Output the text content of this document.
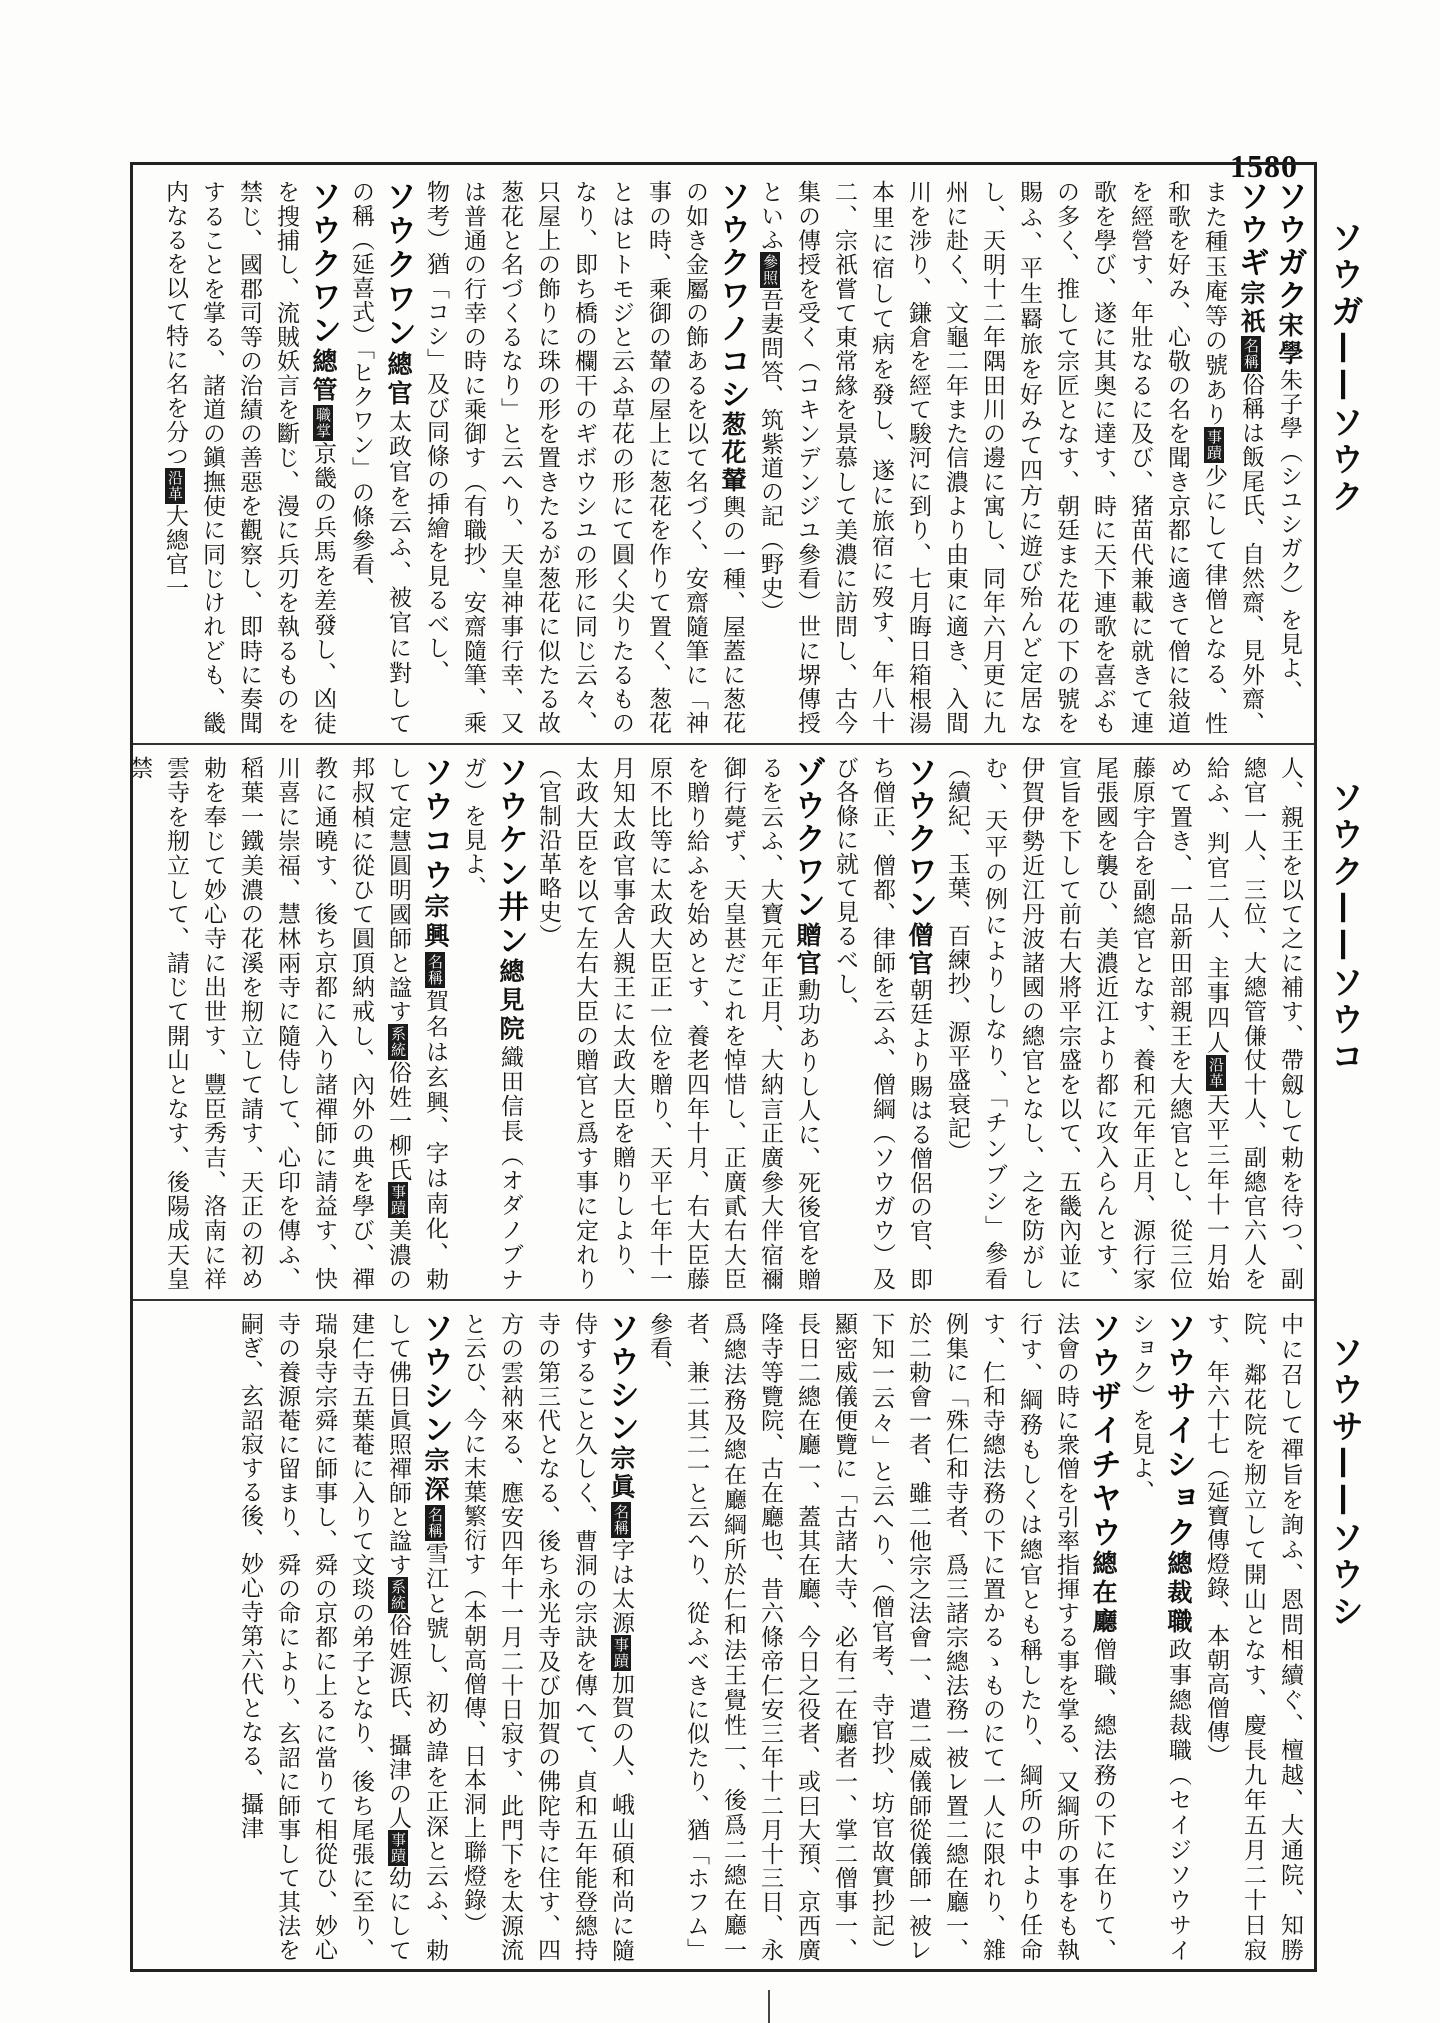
1580
ソウガ——ソウク
ソウク——ソウコ
ソウサ——ソウシ
ソウガク宋學朱子學（シユシガク）を見よ、
ソウギ宗祇名稱俗稱は飯尾氏、自然齋、見外齋、また種玉庵等の號あり事蹟少にして律僧となる、性和歌を好み、心敬の名を聞き京都に適きて僧に敍道を經營す、年壯なるに及び、猪苗代兼載に就きて連歌を學び、遂に其奥に達す、時に天下連歌を喜ぶもの多く、推して宗匠となす、朝廷また花の下の號を賜ふ、平生羇旅を好みて四方に遊び殆んど定居なし、天明十二年隅田川の邊に寓し、同年六月更に九州に赴く、文龜二年また信濃より由東に適き、入間川を涉り、鎌倉を經て駿河に到り、七月晦日箱根湯本里に宿して病を發し、遂に旅宿に歿す、年八十二、宗祇嘗て東常緣を景慕して美濃に訪問し、古今集の傳授を受く（コキンデンジユ參看）世に堺傳授といふ參照吾妻問答、筑紫道の記（野史）
ソウクワノコシ葱花輦輿の一種、屋蓋に葱花の如き金屬の飾あるを以て名づく、安齋隨筆に「神事の時、乘御の輦の屋上に葱花を作りて置く、葱花とはヒトモジと云ふ草花の形にて圓く尖りたるものなり、即ち橋の欄干のギボウシユの形に同じ云々、只屋上の飾りに珠の形を置きたるが葱花に似たる故葱花と名づくるなり」と云へり、天皇神事行幸、又は普通の行幸の時に乘御す（有職抄、安齋隨筆、乘物考）猶「コシ」及び同條の挿繪を見るべし、
ソウクワン總官太政官を云ふ、被官に對しての稱（延喜式）「ヒクワン」の條參看、
ソウクワン總管職掌京畿の兵馬を差發し、凶徒を搜捕し、流賊妖言を斷じ、漫に兵刃を執るものを禁じ、國郡司等の治績の善惡を觀察し、即時に奏聞することを掌る、諸道の鎭撫使に同じけれども、畿内なるを以て特に名を分つ沿革大總官一
人、親王を以て之に補す、帶劔して勅を待つ、副總官一人、三位、大總管傔仗十人、副總官六人を給ふ、判官二人、主事四人沿革天平三年十一月始めて置き、一品新田部親王を大總官とし、從三位藤原宇合を副總官となす、養和元年正月、源行家尾張國を襲ひ、美濃近江より都に攻入らんとす、宣旨を下して前右大將平宗盛を以て、五畿內並に伊賀伊勢近江丹波諸國の總官となし、之を防がしむ、天平の例によりしなり、「チンブシ」參看（續紀、玉葉、百練抄、源平盛衰記）
ソウクワン僧官朝廷より賜はる僧侶の官、即ち僧正、僧都、律師を云ふ、僧綱（ソウガウ）及び各條に就て見るべし、
ゾウクワン贈官勳功ありし人に、死後官を贈るを云ふ、大寶元年正月、大納言正廣參大伴宿禰御行薨ず、天皇甚だこれを悼惜し、正廣貳右大臣を贈り給ふを始めとす、養老四年十月、右大臣藤原不比等に太政大臣正一位を贈り、天平七年十一月知太政官事舍人親王に太政大臣を贈りしより、太政大臣を以て左右大臣の贈官と爲す事に定れり（官制沿革略史）
ソウケン井ン總見院織田信長（オダノブナガ）を見よ、
ソウコウ宗興名稱賀名は玄興、字は南化、勅して定慧圓明國師と諡す系統俗姓一柳氏事蹟美濃の邦叔楨に從ひて圓頂納戒し、內外の典を學び、禪教に通曉す、後ち京都に入り諸禪師に請益す、快川喜に崇福、慧林兩寺に隨侍して、心印を傳ふ、稻葉一鐵美濃の花溪を剏立して請す、天正の初め勅を奉じて妙心寺に出世す、豐臣秀吉、洛南に祥雲寺を剏立して、請じて開山となす、後陽成天皇禁
中に召して禪旨を詢ふ、恩問相續ぐ、檀越、大通院、知勝院、鄰花院を剏立して開山となす、慶長九年五月二十日寂す、年六十七（延寶傳燈錄、本朝高僧傳）
ソウサイショク總裁職政事總裁職（セイジソウサイショク）を見よ、
ソウザイチヤウ總在廳僧職、總法務の下に在りて、法會の時に衆僧を引率指揮する事を掌る、又綱所の事をも執行す、綱務もしくは總官とも稱したり、綱所の中より任命す、仁和寺總法務の下に置かるゝものにて一人に限れり、雜例集に「殊仁和寺者、爲三諸宗總法務一被レ置二總在廳一、於二勅會一者、雖二他宗之法會一、遣二威儀師從儀師一被レ下知一云々」と云へり、（僧官考、寺官抄、坊官故實抄記）顯密威儀便覽に「古諸大寺、必有二在廳者一、掌二僧事一、長日二總在廳一、蓋其在廳、今日之役者、或曰大預、京西廣隆寺等覽院、古在廳也、昔六條帝仁安三年十二月十三日、永爲總法務及總在廳綱所於仁和法王覺性一、後爲二總在廳一者、兼二其二一と云へり、從ふべきに似たり、猶「ホフム」參看、
ソウシン宗眞名稱字は太源事蹟加賀の人、峨山碩和尚に隨侍すること久しく、曹洞の宗訣を傳へて、貞和五年能登總持寺の第三代となる、後ち永光寺及び加賀の佛陀寺に住す、四方の雲衲來る、應安四年十一月二十日寂す、此門下を太源流と云ひ、今に末葉繁衍す（本朝高僧傳、日本洞上聯燈錄）
ソウシン宗深名稱雪江と號し、初め諱を正深と云ふ、勅して佛日眞照禪師と諡す系統俗姓源氏、攝津の人事蹟幼にして建仁寺五葉菴に入りて文琰の弟子となり、後ち尾張に至り、瑞泉寺宗舜に師事し、舜の京都に上るに當りて相從ひ、妙心寺の養源菴に留まり、舜の命により、玄詔に師事して其法を嗣ぎ、玄詔寂する後、妙心寺第六代となる、攝津
